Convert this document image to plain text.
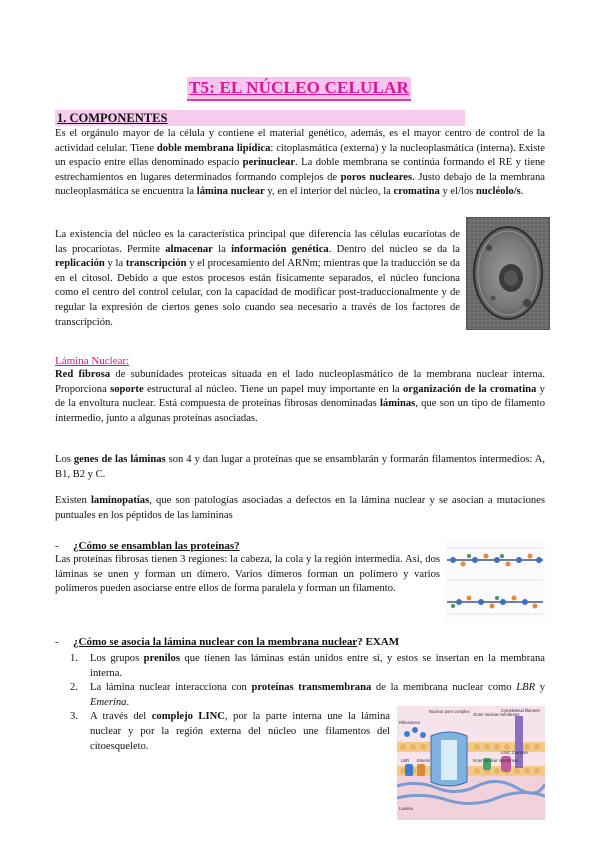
T5: EL NÚCLEO CELULAR
1. COMPONENTES
Es el orgánulo mayor de la célula y contiene el material genético, además, es el mayor centro de control de la actividad celular. Tiene doble membrana lipídica: citoplasmática (externa) y la nucleoplasmática (interna). Existe un espacio entre ellas denominado espacio perinuclear. La doble membrana se continúa formando el RE y tiene estrechamientos en lugares determinados formando complejos de poros nucleares. Justo debajo de la membrana nucleoplasmática se encuentra la lámina nuclear y, en el interior del núcleo, la cromatina y el/los nucléolo/s.
La existencia del núcleo es la característica principal que diferencia las células eucariotas de las procariotas. Permite almacenar la información genética. Dentro del núcleo se da la replicación y la transcripción y el procesamiento del ARNm; mientras que la traducción se da en el citosol. Debido a que estos procesos están físicamente separados, el núcleo funciona como el centro del control celular, con la capacidad de modificar post-traduccionalmente y de regular la expresión de ciertos genes solo cuando sea necesario a través de los factores de transcripción.
Lámina Nuclear:
Red fibrosa de subunidades proteicas situada en el lado nucleoplasmático de la membrana nuclear interna. Proporciona soporte estructural al núcleo. Tiene un papel muy importante en la organización de la cromatina y de la envoltura nuclear. Está compuesta de proteínas fibrosas denominadas láminas, que son un tipo de filamento intermedio, junto a algunas proteínas asociadas.
Los genes de las láminas son 4 y dan lugar a proteínas que se ensamblarán y formarán filamentos intermedios: A, B1, B2 y C.
Existen laminopatías, que son patologías asociadas a defectos en la lámina nuclear y se asocian a mutaciones puntuales en los péptidos de las lamininas
- ¿Cómo se ensamblan las proteínas?
Las proteínas fibrosas tienen 3 regiones: la cabeza, la cola y la región intermedia. Así, dos láminas se unen y forman un dímero. Varios dímeros forman un polímero y varios polímeros pueden asociarse entre ellos de forma paralela y forman un filamento.
- ¿Cómo se asocia la lámina nuclear con la membrana nuclear? EXAM
1. Los grupos prenilos que tienen las láminas están unidos entre sí, y estos se insertan en la membrana interna.
2. La lámina nuclear interacciona con proteínas transmembrana de la membrana nuclear como LBR y Emerina.
3. A través del complejo LINC, por la parte interna une la lámina nuclear y por la región externa del núcleo une filamentos del citoesqueleto.
Nuclear pore complex
Ribosomes
Outer nuclear membrane
Cytoskeletal filament
Inner nuclear membrane
LINC Complex
LBR Emerin
Lamina
